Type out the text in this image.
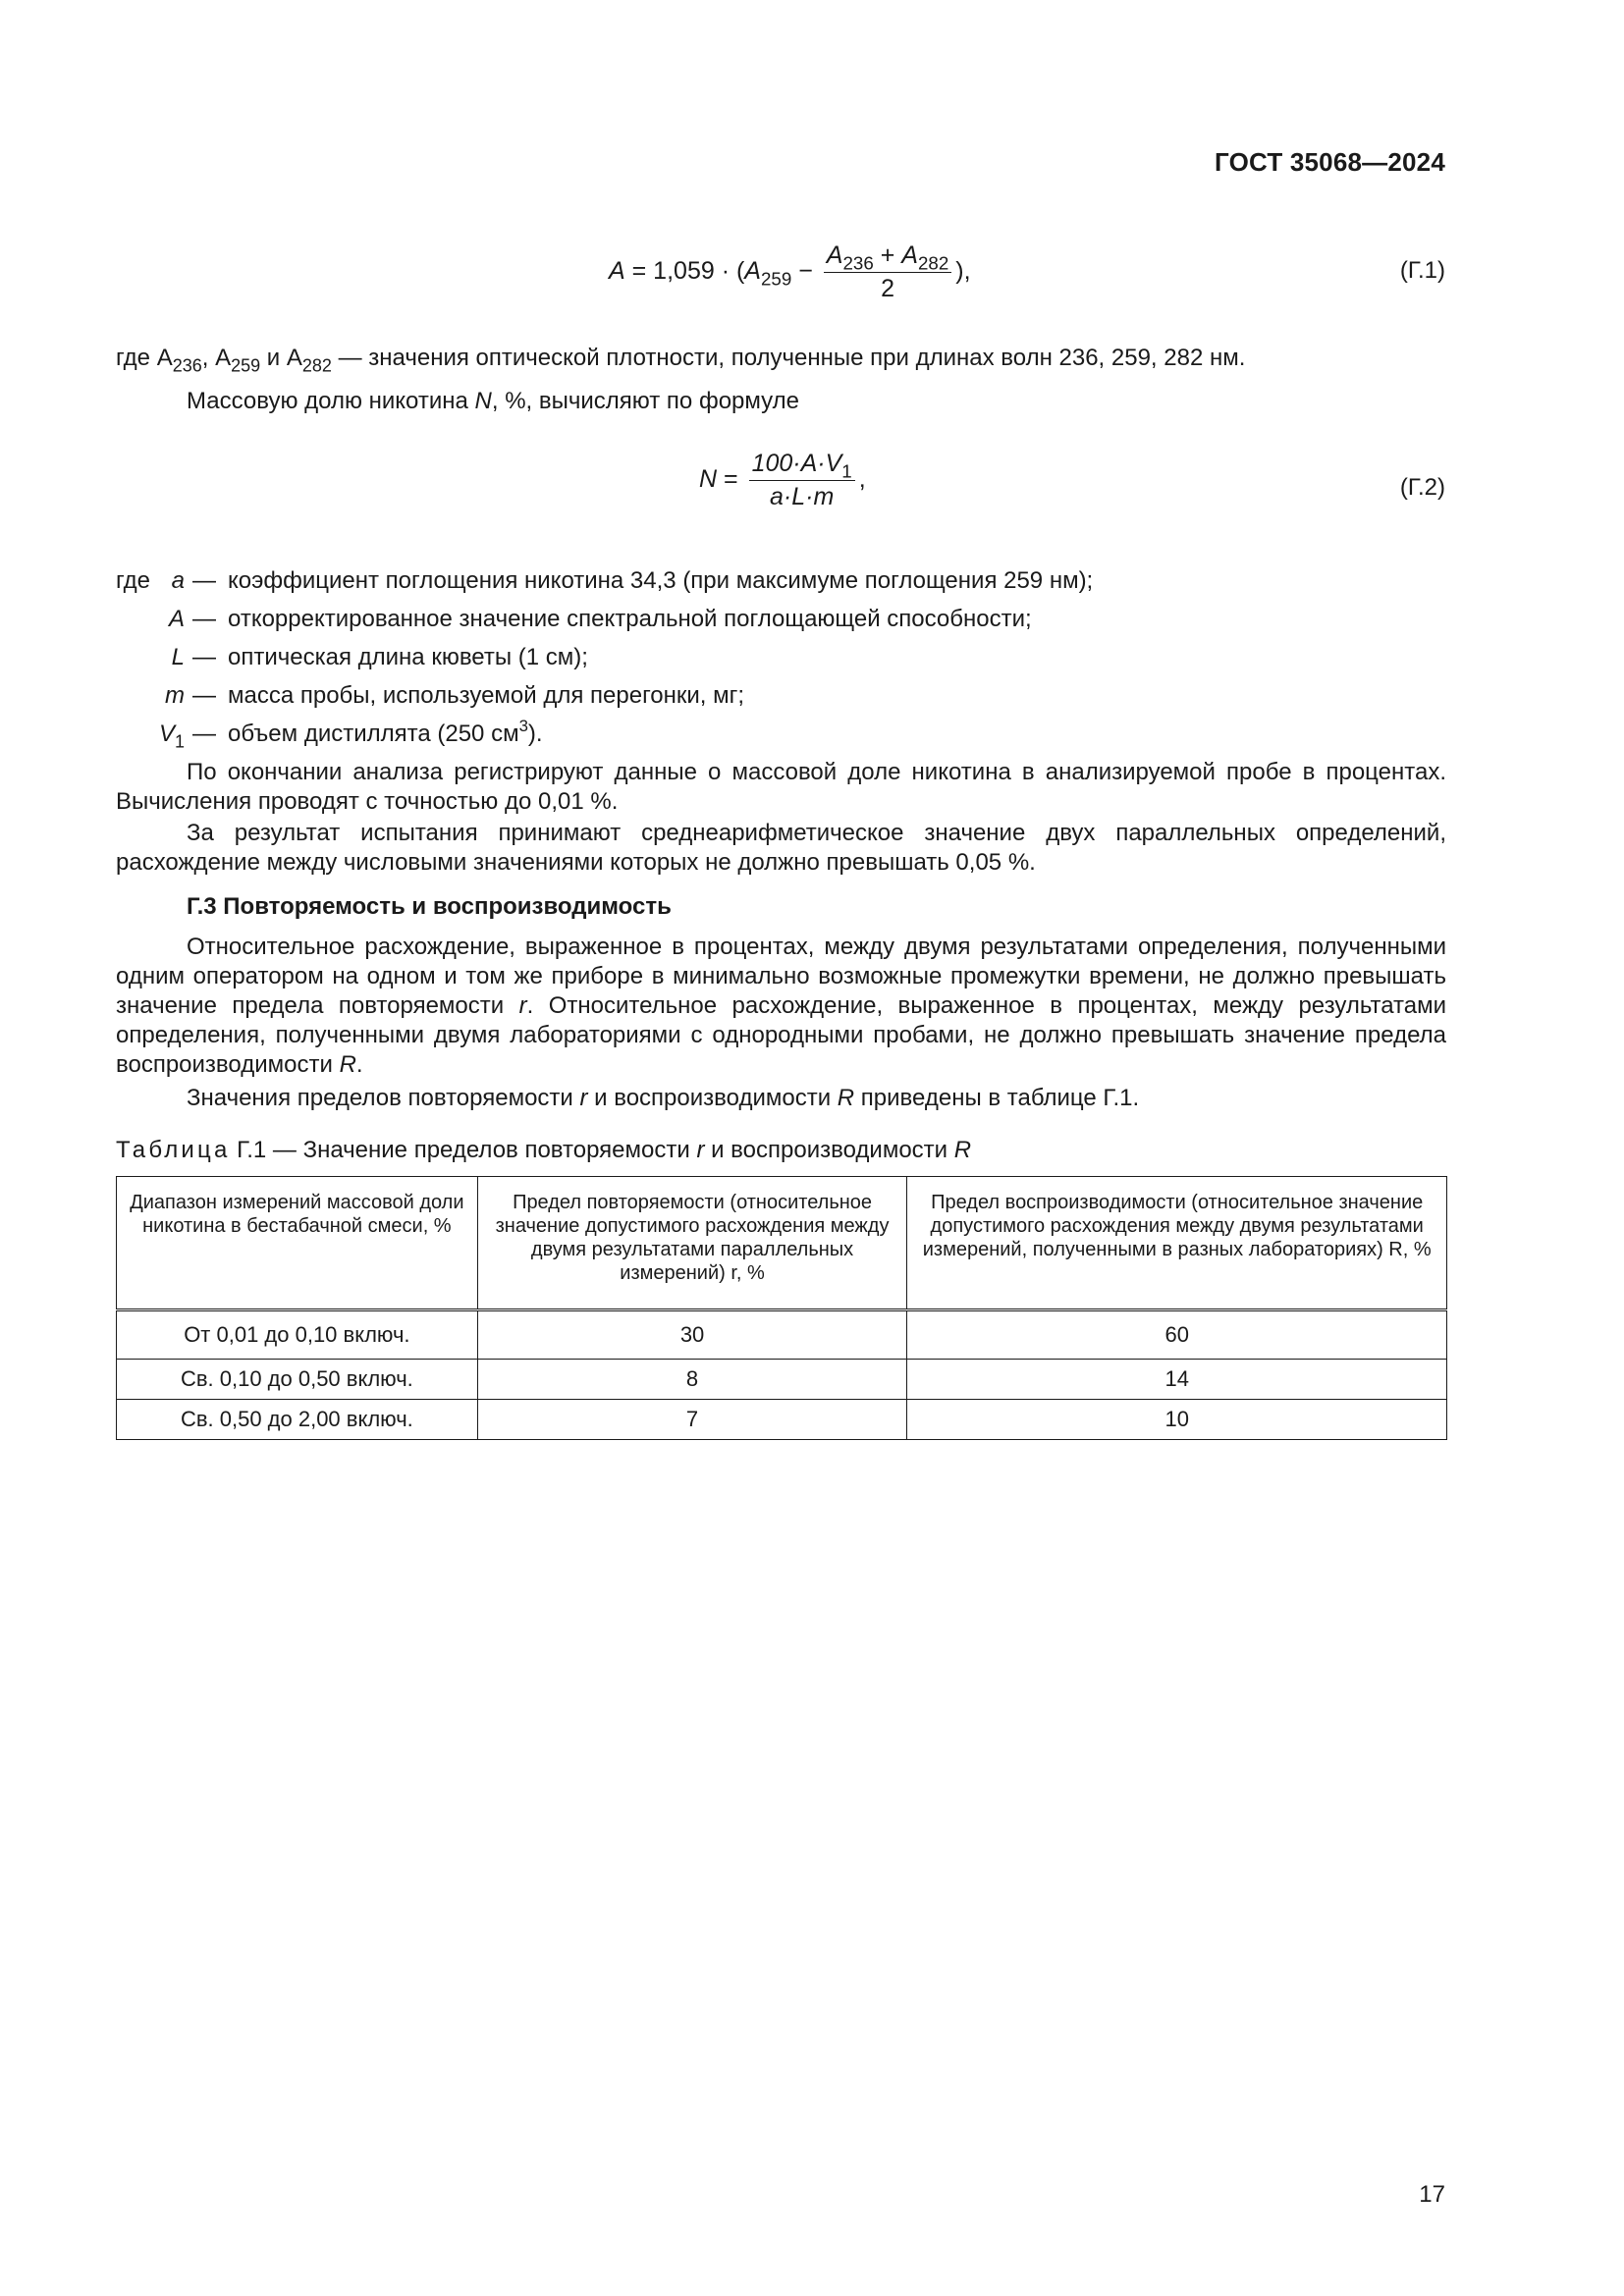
ГОСТ 35068—2024
$A = 1,059 \cdot (A_{259} - \frac{A_{236} + A_{282}}{2}$ ),	(Г.1)
где $А_{236}$, $А_{259}$ и $А_{282}$ — значения оптической плотности, полученные при длинах волн 236, 259, 282 нм.
Массовую долю никотина N, %, вычисляют по формуле
$N = \frac{100\cdot A\cdot V_1}{a\cdot L\cdot m}$ ,	(Г.2)
где a — коэффициент поглощения никотина 34,3 (при максимуме поглощения 259 нм);
A — откорректированное значение спектральной поглощающей способности;
L — оптическая длина кюветы (1 см);
m — масса пробы, используемой для перегонки, мг;
$V_1$ — объем дистиллята (250 $см^3$).

По окончании анализа регистрируют данные о массовой доле никотина в анализируемой пробе в процентах. Вычисления проводят с точностью до 0,01 %.

За результат испытания принимают среднеарифметическое значение двух параллельных определений, расхождение между числовыми значениями которых не должно превышать 0,05 %.

Г.3 Повторяемость и воспроизводимость

Относительное расхождение, выраженное в процентах, между двумя результатами определения, полученными одним оператором на одном и том же приборе в минимально возможные промежутки времени, не должно превышать значение предела повторяемости r. Относительное расхождение, выраженное в процентах, между результатами определения, полученными двумя лабораториями с однородными пробами, не должно превышать значение предела воспроизводимости R.

Значения пределов повторяемости r и воспроизводимости R приведены в таблице Г.1.

Таблица Г.1 — Значение пределов повторяемости r и воспроизводимости R
Диапазон измерений массовой доли никотина в бестабачной смеси, %	Предел повторяемости (относительное значение допустимого расхождения между двумя результатами параллельных измерений) r, %	Предел воспроизводимости (относительное значение допустимого расхождения между двумя результатами измерений, полученными в разных лабораториях) R, %
От 0,01 до 0,10 включ.	30	60
Св. 0,10 до 0,50 включ.	8	14
Св. 0,50 до 2,00 включ.	7	10
17
